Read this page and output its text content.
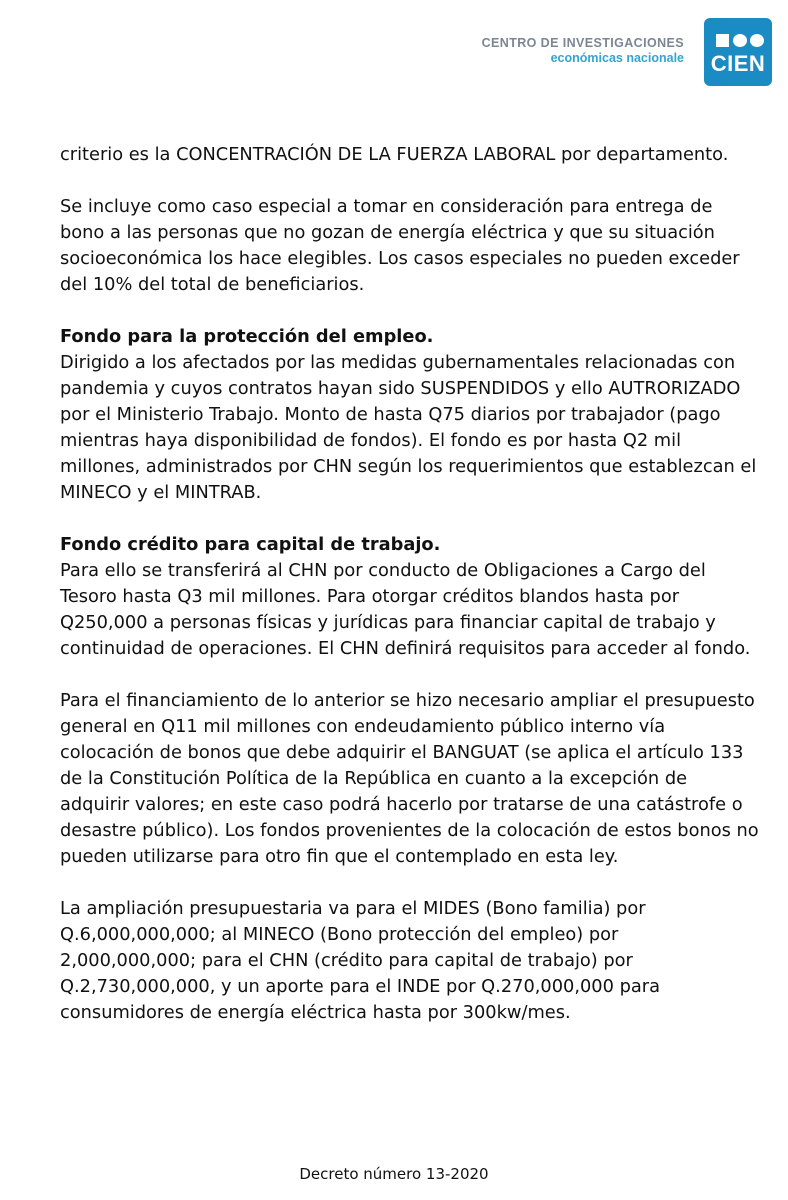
CENTRO DE INVESTIGACIONES
económicas nacionale	CIEN

criterio es la CONCENTRACIÓN DE LA FUERZA LABORAL por departamento.

Se incluye como caso especial a tomar en consideración para entrega de bono a las personas que no gozan de energía eléctrica y que su situación socioeconómica los hace elegibles. Los casos especiales no pueden exceder del 10% del total de beneficiarios.

Fondo para la protección del empleo.
Dirigido a los afectados por las medidas gubernamentales relacionadas con pandemia y cuyos contratos hayan sido SUSPENDIDOS y ello AUTRORIZADO por el Ministerio Trabajo. Monto de hasta Q75 diarios por trabajador (pago mientras haya disponibilidad de fondos). El fondo es por hasta Q2 mil millones, administrados por CHN según los requerimientos que establezcan el MINECO y el MINTRAB.

Fondo crédito para capital de trabajo.
Para ello se transferirá al CHN por conducto de Obligaciones a Cargo del Tesoro hasta Q3 mil millones. Para otorgar créditos blandos hasta por Q250,000 a personas físicas y jurídicas para financiar capital de trabajo y continuidad de operaciones. El CHN definirá requisitos para acceder al fondo.

Para el financiamiento de lo anterior se hizo necesario ampliar el presupuesto general en Q11 mil millones con endeudamiento público interno vía colocación de bonos que debe adquirir el BANGUAT (se aplica el artículo 133 de la Constitución Política de la República en cuanto a la excepción de adquirir valores; en este caso podrá hacerlo por tratarse de una catástrofe o desastre público). Los fondos provenientes de la colocación de estos bonos no pueden utilizarse para otro fin que el contemplado en esta ley.

La ampliación presupuestaria va para el MIDES (Bono familia) por Q.6,000,000,000; al MINECO (Bono protección del empleo) por 2,000,000,000; para el CHN (crédito para capital de trabajo) por Q.2,730,000,000, y un aporte para el INDE por Q.270,000,000 para consumidores de energía eléctrica hasta por 300kw/mes.

Decreto número 13-2020
